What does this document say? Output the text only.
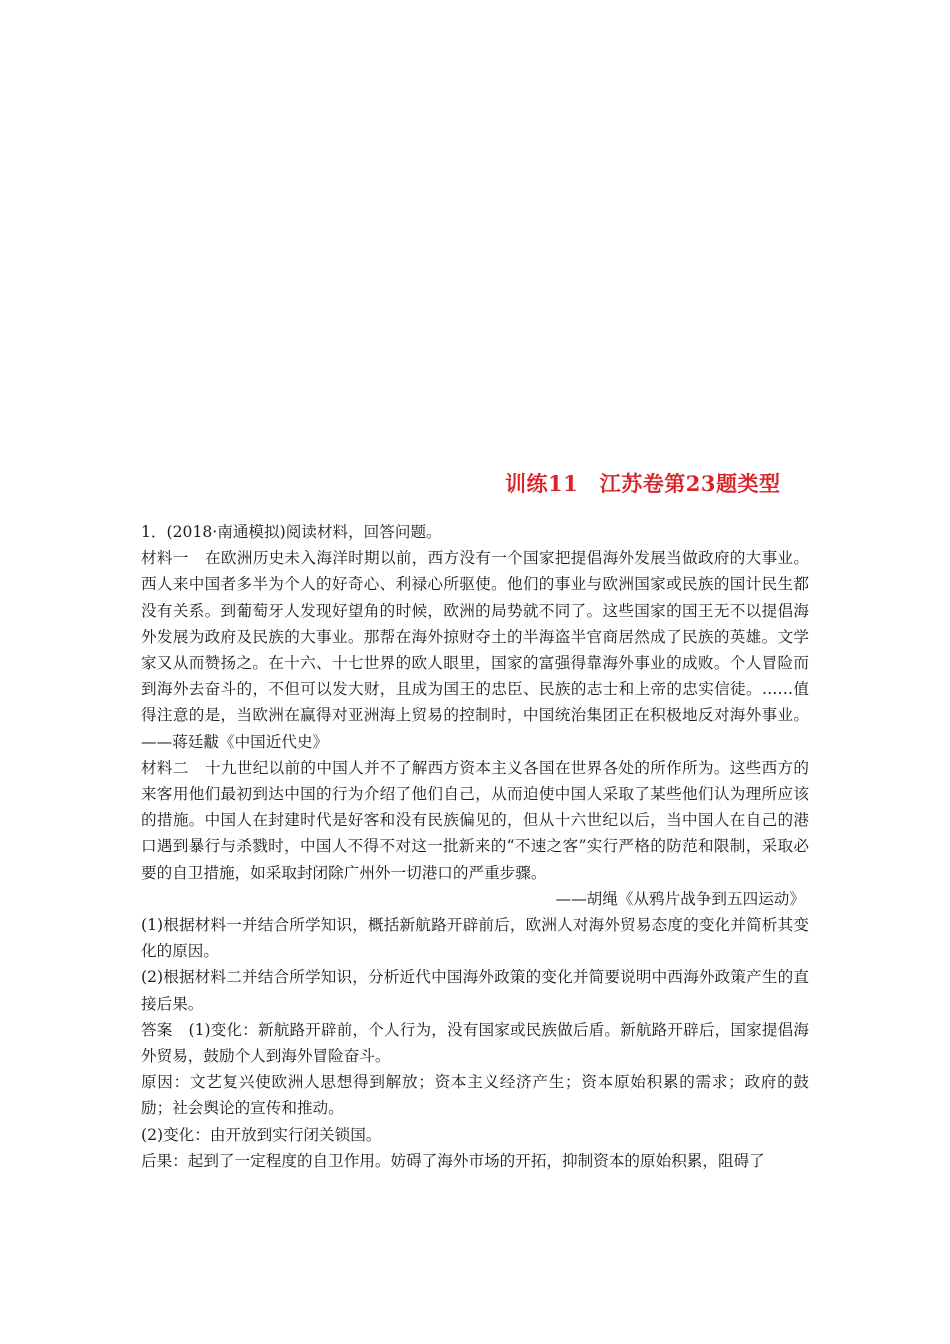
训练11　江苏卷第23题类型

1．(2018·南通模拟)阅读材料，回答问题。

材料一 在欧洲历史未入海洋时期以前，西方没有一个国家把提倡海外发展当做政府的大事业。西人来中国者多半为个人的好奇心、利禄心所驱使。他们的事业与欧洲国家或民族的国计民生都没有关系。到葡萄牙人发现好望角的时候，欧洲的局势就不同了。这些国家的国王无不以提倡海外发展为政府及民族的大事业。那帮在海外掠财夺土的半海盗半官商居然成了民族的英雄。文学家又从而赞扬之。在十六、十七世界的欧人眼里，国家的富强得靠海外事业的成败。个人冒险而到海外去奋斗的，不但可以发大财，且成为国王的忠臣、民族的志士和上帝的忠实信徒。……值得注意的是，当欧洲在赢得对亚洲海上贸易的控制时，中国统治集团正在积极地反对海外事业。——蒋廷黻《中国近代史》

材料二 十九世纪以前的中国人并不了解西方资本主义各国在世界各处的所作所为。这些西方的来客用他们最初到达中国的行为介绍了他们自己，从而迫使中国人采取了某些他们认为理所应该的措施。中国人在封建时代是好客和没有民族偏见的，但从十六世纪以后，当中国人在自己的港口遇到暴行与杀戮时，中国人不得不对这一批新来的“不速之客”实行严格的防范和限制，采取必要的自卫措施，如采取封闭除广州外一切港口的严重步骤。

——胡绳《从鸦片战争到五四运动》

(1)根据材料一并结合所学知识，概括新航路开辟前后，欧洲人对海外贸易态度的变化并简析其变化的原因。

(2)根据材料二并结合所学知识，分析近代中国海外政策的变化并简要说明中西海外政策产生的直接后果。

答案 (1)变化：新航路开辟前，个人行为，没有国家或民族做后盾。新航路开辟后，国家提倡海外贸易，鼓励个人到海外冒险奋斗。

原因：文艺复兴使欧洲人思想得到解放；资本主义经济产生；资本原始积累的需求；政府的鼓励；社会舆论的宣传和推动。

(2)变化：由开放到实行闭关锁国。

后果：起到了一定程度的自卫作用。妨碍了海外市场的开拓，抑制资本的原始积累，阻碍了
